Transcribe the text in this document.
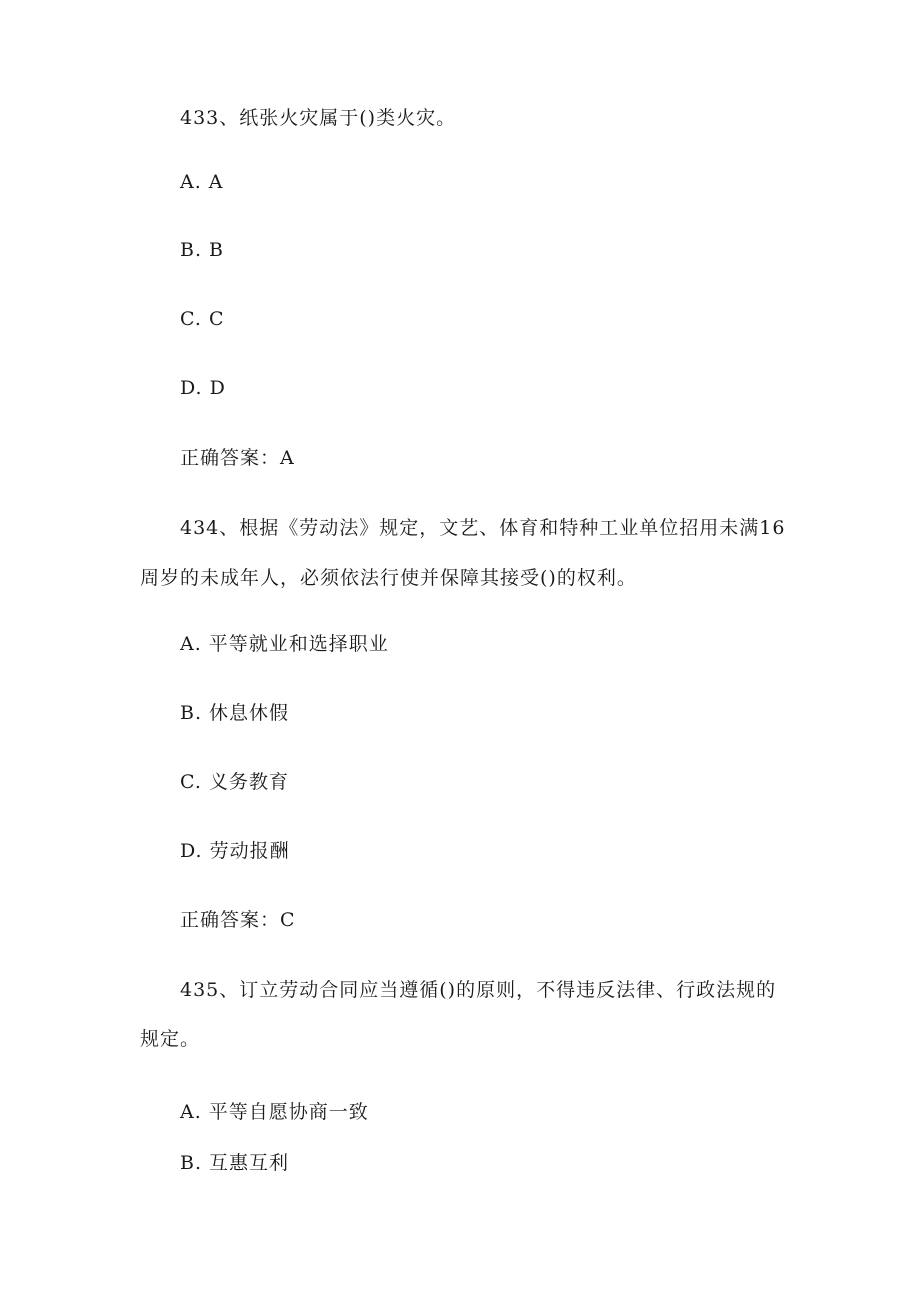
433、纸张火灾属于()类火灾。
A. A
B. B
C. C
D. D
正确答案：A
434、根据《劳动法》规定，文艺、体育和特种工业单位招用未满16
周岁的未成年人，必须依法行使并保障其接受()的权利。
A. 平等就业和选择职业
B. 休息休假
C. 义务教育
D. 劳动报酬
正确答案：C
435、订立劳动合同应当遵循()的原则，不得违反法律、行政法规的
规定。
A. 平等自愿协商一致
B. 互惠互利
